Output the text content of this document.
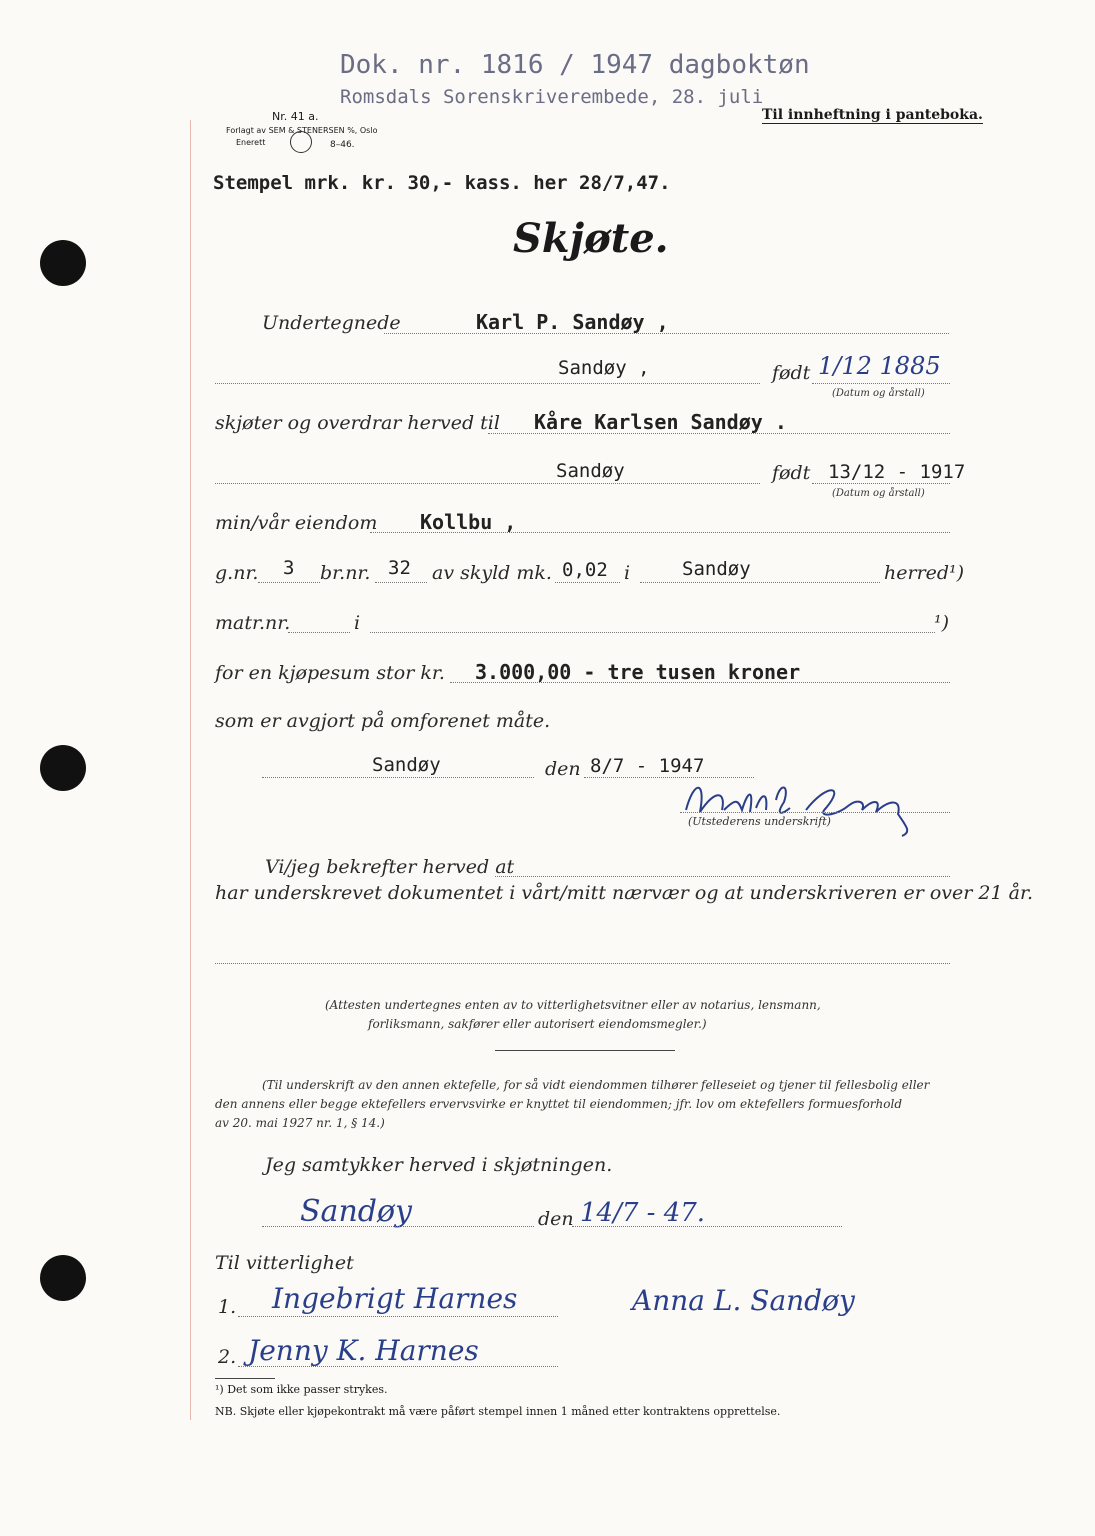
Dok. nr. 1816 / 1947 dagboktøn
Romsdals Sorenskriverembede, 28. juli
Nr. 41 a.
Forlagt av SEM & STENERSEN %, Oslo
Enerett	8–46.
Til innheftning i panteboka.
Stempel mrk. kr. 30,- kass. her 28/7,47.
Skjøte.
Undertegnede	Karl P. Sandøy ,
Sandøy ,	født 1/12 1885
(Datum og årstall)
skjøter og overdrar herved til Kåre Karlsen Sandøy .
Sandøy	født 13/12 - 1917
(Datum og årstall)
min/vår eiendom Kollbu ,
g.nr. 3 br.nr. 32 av skyld mk. 0,02 i	Sandøy	herred¹)
matr.nr.	i	¹)
for en kjøpesum stor kr. 3.000,00 - tre tusen kroner
som er avgjort på omforenet måte.
Sandøy	den 8/7 - 1947
(Utstederens underskrift)
Vi/jeg bekrefter herved at
har underskrevet dokumentet i vårt/mitt nærvær og at underskriveren er over 21 år.
(Attesten undertegnes enten av to vitterlighetsvitner eller av notarius, lensmann,
forliksmann, sakfører eller autorisert eiendomsmegler.)
(Til underskrift av den annen ektefelle, for så vidt eiendommen tilhører felleseiet og tjener til fellesbolig eller
den annens eller begge ektefellers ervervsvirke er knyttet til eiendommen; jfr. lov om ektefellers formuesforhold
av 20. mai 1927 nr. 1, § 14.)
Jeg samtykker herved i skjøtningen.
Sandøy	den 14/7 - 47.
Til vitterlighet
1. Ingebrigt Harnes	Anna L. Sandøy
2. Jenny K. Harnes
¹) Det som ikke passer strykes.
NB. Skjøte eller kjøpekontrakt må være påført stempel innen 1 måned etter kontraktens opprettelse.
